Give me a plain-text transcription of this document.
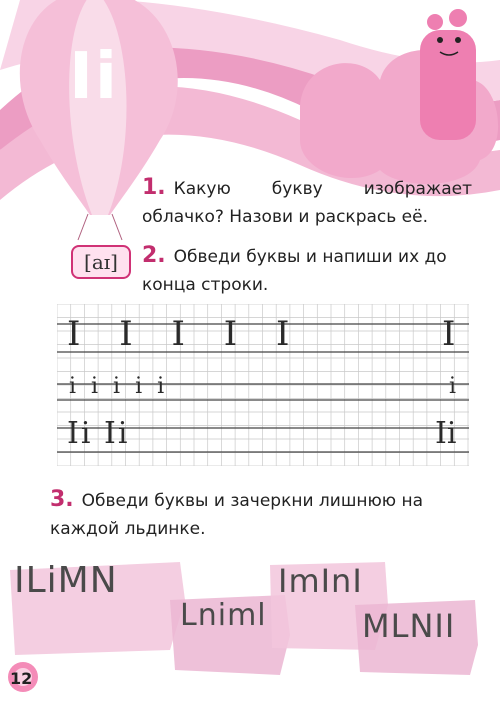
Ii
[aɪ]
1. Какую букву изображает облачко? Назови и раскрась её.
2. Обведи буквы и напиши их до конца строки.
I I I I I	I
i i i i i	i
Ii Ii	Ii
3. Обведи буквы и зачеркни лишнюю на каждой льдинке.
ILiMN
Lniml
ImInI
MLNII
12
